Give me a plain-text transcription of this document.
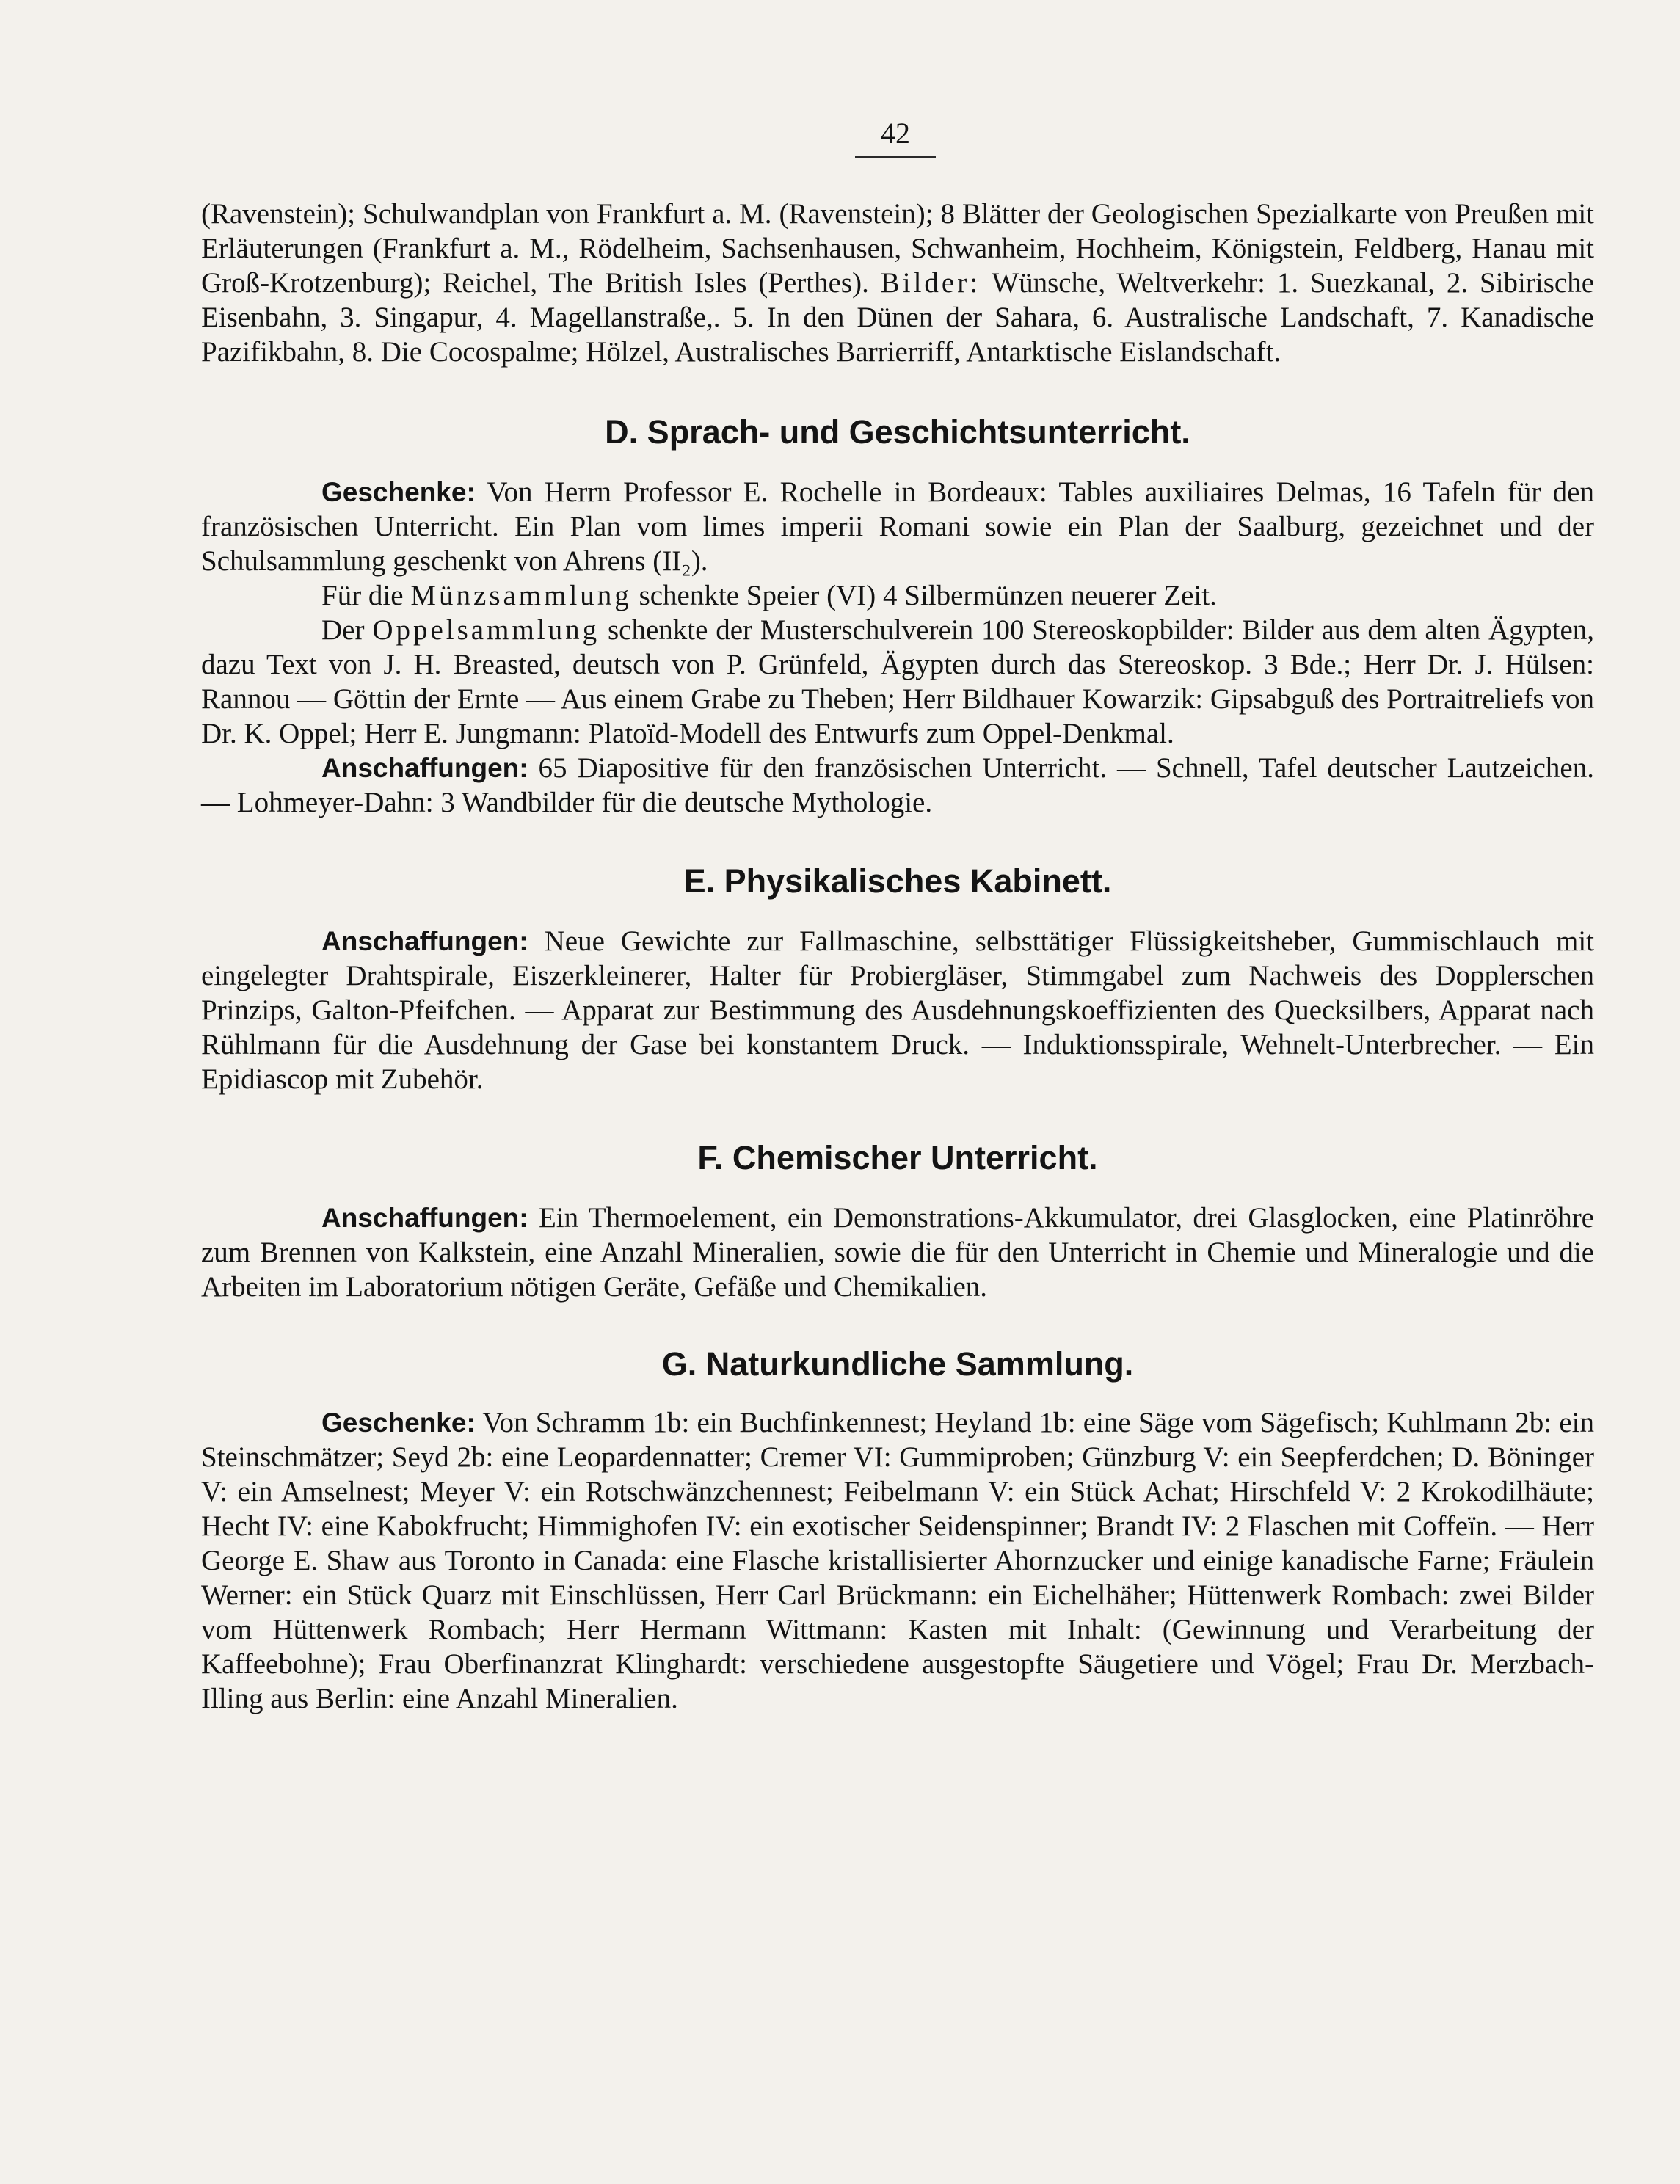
42

(Ravenstein); Schulwandplan von Frankfurt a. M. (Ravenstein); 8 Blätter der Geologischen Spezialkarte von Preußen mit Erläuterungen (Frankfurt a. M., Rödelheim, Sachsenhausen, Schwanheim, Hochheim, Königstein, Feldberg, Hanau mit Groß-Krotzenburg); Reichel, The British Isles (Perthes). Bilder: Wünsche, Weltverkehr: 1. Suezkanal, 2. Sibirische Eisenbahn, 3. Singapur, 4. Magellanstraße,. 5. In den Dünen der Sahara, 6. Australische Landschaft, 7. Kanadische Pazifikbahn, 8. Die Cocospalme; Hölzel, Australisches Barrierriff, Antarktische Eislandschaft.

D. Sprach- und Geschichtsunterricht.

Geschenke: Von Herrn Professor E. Rochelle in Bordeaux: Tables auxiliaires Delmas, 16 Tafeln für den französischen Unterricht. Ein Plan vom limes imperii Romani sowie ein Plan der Saalburg, gezeichnet und der Schulsammlung geschenkt von Ahrens (II₂).

Für die Münzsammlung schenkte Speier (VI) 4 Silbermünzen neuerer Zeit.

Der Oppelsammlung schenkte der Musterschulverein 100 Stereoskopbilder: Bilder aus dem alten Ägypten, dazu Text von J. H. Breasted, deutsch von P. Grünfeld, Ägypten durch das Stereoskop. 3 Bde.; Herr Dr. J. Hülsen: Rannou — Göttin der Ernte — Aus einem Grabe zu Theben; Herr Bildhauer Kowarzik: Gipsabguß des Portraitreliefs von Dr. K. Oppel; Herr E. Jungmann: Platoïd-Modell des Entwurfs zum Oppel-Denkmal.

Anschaffungen: 65 Diapositive für den französischen Unterricht. — Schnell, Tafel deutscher Lautzeichen. — Lohmeyer-Dahn: 3 Wandbilder für die deutsche Mythologie.

E. Physikalisches Kabinett.

Anschaffungen: Neue Gewichte zur Fallmaschine, selbsttätiger Flüssigkeitsheber, Gummischlauch mit eingelegter Drahtspirale, Eiszerkleinerer, Halter für Probiergläser, Stimmgabel zum Nachweis des Dopplerschen Prinzips, Galton-Pfeifchen. — Apparat zur Bestimmung des Ausdehnungskoeffizienten des Quecksilbers, Apparat nach Rühlmann für die Ausdehnung der Gase bei konstantem Druck. — Induktionsspirale, Wehnelt-Unterbrecher. — Ein Epidiascop mit Zubehör.

F. Chemischer Unterricht.

Anschaffungen: Ein Thermoelement, ein Demonstrations-Akkumulator, drei Glasglocken, eine Platinröhre zum Brennen von Kalkstein, eine Anzahl Mineralien, sowie die für den Unterricht in Chemie und Mineralogie und die Arbeiten im Laboratorium nötigen Geräte, Gefäße und Chemikalien.

G. Naturkundliche Sammlung.

Geschenke: Von Schramm 1b: ein Buchfinkennest; Heyland 1b: eine Säge vom Sägefisch; Kuhlmann 2b: ein Steinschmätzer; Seyd 2b: eine Leopardennatter; Cremer VI: Gummiproben; Günzburg V: ein Seepferdchen; D. Böninger V: ein Amselnest; Meyer V: ein Rotschwänzchennest; Feibelmann V: ein Stück Achat; Hirschfeld V: 2 Krokodilhäute; Hecht IV: eine Kabokfrucht; Himmighofen IV: ein exotischer Seidenspinner; Brandt IV: 2 Flaschen mit Coffeïn. — Herr George E. Shaw aus Toronto in Canada: eine Flasche kristallisierter Ahornzucker und einige kanadische Farne; Fräulein Werner: ein Stück Quarz mit Einschlüssen, Herr Carl Brückmann: ein Eichelhäher; Hüttenwerk Rombach: zwei Bilder vom Hüttenwerk Rombach; Herr Hermann Wittmann: Kasten mit Inhalt: (Gewinnung und Verarbeitung der Kaffeebohne); Frau Oberfinanzrat Klinghardt: verschiedene ausgestopfte Säugetiere und Vögel; Frau Dr. Merzbach-Illing aus Berlin: eine Anzahl Mineralien.
